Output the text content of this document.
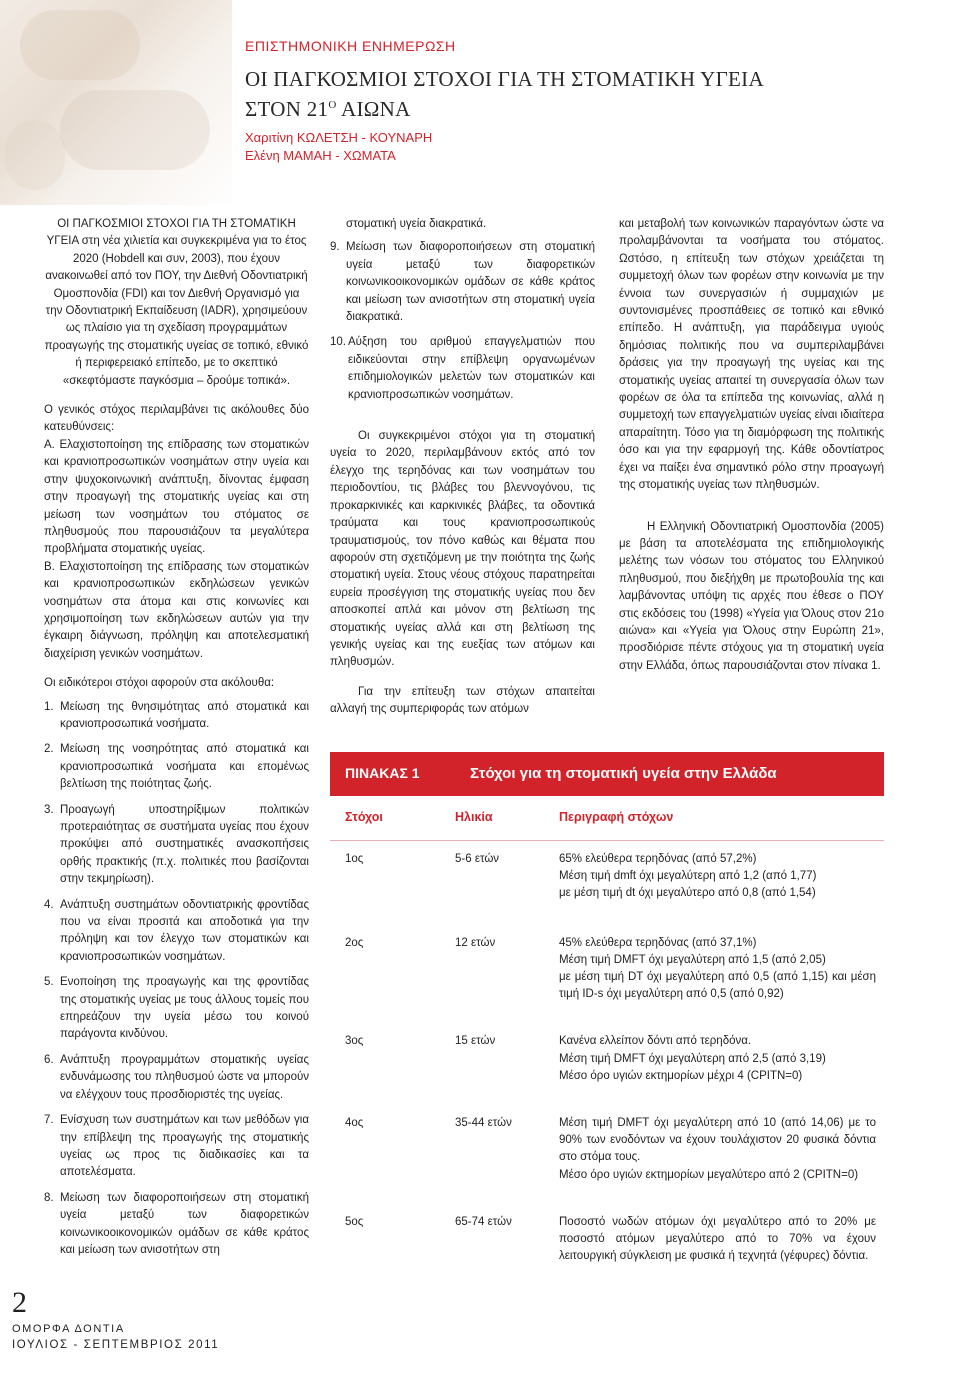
ΕΠΙΣΤΗΜΟΝΙΚΗ ΕΝΗΜΕΡΩΣΗ
ΟΙ ΠΑΓΚΟΣΜΙΟΙ ΣΤΟΧΟΙ ΓΙΑ ΤΗ ΣΤΟΜΑΤΙΚΗ ΥΓΕΙΑ
ΣΤΟΝ $21^O$ ΑΙΩΝΑ
Χαριτίνη ΚΩΛΕΤΣΗ - ΚΟΥΝΑΡΗ
Ελένη ΜΑΜΑΗ - ΧΩΜΑΤΑ

ΟΙ ΠΑΓΚΟΣΜΙΟΙ ΣΤΟΧΟΙ ΓΙΑ ΤΗ ΣΤΟΜΑΤΙΚΗ ΥΓΕΙΑ στη νέα χιλιετία και συγκεκριμένα για το έτος 2020 (Hobdell και συν, 2003), που έχουν ανακοινωθεί από τον ΠΟΥ, την Διεθνή Οδοντιατρική Ομοσπονδία (FDI) και τον Διεθνή Οργανισμό για την Οδοντιατρική Εκπαίδευση (IADR), χρησιμεύουν ως πλαίσιο για τη σχεδίαση προγραμμάτων προαγωγής της στοματικής υγείας σε τοπικό, εθνικό ή περιφερειακό επίπεδο, με το σκεπτικό «σκεφτόμαστε παγκόσμια – δρούμε τοπικά».

Ο γενικός στόχος περιλαμβάνει τις ακόλουθες δύο κατευθύνσεις:

Α. Ελαχιστοποίηση της επίδρασης των στοματικών και κρανιοπροσωπικών νοσημάτων στην υγεία και στην ψυχοκοινωνική ανάπτυξη, δίνοντας έμφαση στην προαγωγή της στοματικής υγείας και στη μείωση των νοσημάτων του στόματος σε πληθυσμούς που παρουσιάζουν τα μεγαλύτερα προβλήματα στοματικής υγείας.

Β. Ελαχιστοποίηση της επίδρασης των στοματικών και κρανιοπροσωπικών εκδηλώσεων γενικών νοσημάτων στα άτομα και στις κοινωνίες και χρησιμοποίηση των εκδηλώσεων αυτών για την έγκαιρη διάγνωση, πρόληψη και αποτελεσματική διαχείριση γενικών νοσημάτων.

Οι ειδικότεροι στόχοι αφορούν στα ακόλουθα:

1. Μείωση της θνησιμότητας από στοματικά και κρανιοπροσωπικά νοσήματα.
2. Μείωση της νοσηρότητας από στοματικά και κρανιοπροσωπικά νοσήματα και επομένως βελτίωση της ποιότητας ζωής.
3. Προαγωγή υποστηρίξιμων πολιτικών προτεραιότητας σε συστήματα υγείας που έχουν προκύψει από συστηματικές ανασκοπήσεις ορθής πρακτικής (π.χ. πολιτικές που βασίζονται στην τεκμηρίωση).
4. Ανάπτυξη συστημάτων οδοντιατρικής φροντίδας που να είναι προσιτά και αποδοτικά για την πρόληψη και τον έλεγχο των στοματικών και κρανιοπροσωπικών νοσημάτων.
5. Ενοποίηση της προαγωγής και της φροντίδας της στοματικής υγείας με τους άλλους τομείς που επηρεάζουν την υγεία μέσω του κοινού παράγοντα κινδύνου.
6. Ανάπτυξη προγραμμάτων στοματικής υγείας ενδυνάμωσης του πληθυσμού ώστε να μπορούν να ελέγχουν τους προσδιοριστές της υγείας.
7. Ενίσχυση των συστημάτων και των μεθόδων για την επίβλεψη της προαγωγής της στοματικής υγείας ως προς τις διαδικασίες και τα αποτελέσματα.
8. Μείωση των διαφοροποιήσεων στη στοματική υγεία μεταξύ των διαφορετικών κοινωνικοοικονομικών ομάδων σε κάθε κράτος και μείωση των ανισοτήτων στη

στοματική υγεία διακρατικά.

9. Μείωση των διαφοροποιήσεων στη στοματική υγεία μεταξύ των διαφορετικών κοινωνικοοικονομικών ομάδων σε κάθε κράτος και μείωση των ανισοτήτων στη στοματική υγεία διακρατικά.
10. Αύξηση του αριθμού επαγγελματιών που ειδικεύονται στην επίβλεψη οργανωμένων επιδημιολογικών μελετών των στοματικών και κρανιοπροσωπικών νοσημάτων.

Οι συγκεκριμένοι στόχοι για τη στοματική υγεία το 2020, περιλαμβάνουν εκτός από τον έλεγχο της τερηδόνας και των νοσημάτων του περιοδοντίου, τις βλάβες του βλεννογόνου, τις προκαρκινικές και καρκινικές βλάβες, τα οδοντικά τραύματα και τους κρανιοπροσωπικούς τραυματισμούς, τον πόνο καθώς και θέματα που αφορούν στη σχετιζόμενη με την ποιότητα της ζωής στοματική υγεία. Στους νέους στόχους παρατηρείται ευρεία προσέγγιση της στοματικής υγείας που δεν αποσκοπεί απλά και μόνον στη βελτίωση της στοματικής υγείας αλλά και στη βελτίωση της γενικής υγείας και της ευεξίας των ατόμων και πληθυσμών.

Για την επίτευξη των στόχων απαιτείται αλλαγή της συμπεριφοράς των ατόμων

και μεταβολή των κοινωνικών παραγόντων ώστε να προλαμβάνονται τα νοσήματα του στόματος. Ωστόσο, η επίτευξη των στόχων χρειάζεται τη συμμετοχή όλων των φορέων στην κοινωνία με την έννοια των συνεργασιών ή συμμαχιών με συντονισμένες προσπάθειες σε τοπικό και εθνικό επίπεδο. Η ανάπτυξη, για παράδειγμα υγιούς δημόσιας πολιτικής που να συμπεριλαμβάνει δράσεις για την προαγωγή της υγείας και της στοματικής υγείας απαιτεί τη συνεργασία όλων των φορέων σε όλα τα επίπεδα της κοινωνίας, αλλά η συμμετοχή των επαγγελματιών υγείας είναι ιδιαίτερα απαραίτητη. Τόσο για τη διαμόρφωση της πολιτικής όσο και για την εφαρμογή της. Κάθε οδοντίατρος έχει να παίξει ένα σημαντικό ρόλο στην προαγωγή της στοματικής υγείας των πληθυσμών.

Η Ελληνική Οδοντιατρική Ομοσπονδία (2005) με βάση τα αποτελέσματα της επιδημιολογικής μελέτης των νόσων του στόματος του Ελληνικού πληθυσμού, που διεξήχθη με πρωτοβουλία της και λαμβάνοντας υπόψη τις αρχές που έθεσε ο ΠΟΥ στις εκδόσεις του (1998) «Υγεία για Όλους στον 21ο αιώνα» και «Υγεία για Όλους στην Ευρώπη 21», προσδιόρισε πέντε στόχους για τη στοματική υγεία στην Ελλάδα, όπως παρουσιάζονται στον πίνακα 1.

ΠΙΝΑΚΑΣ 1	Στόχοι για τη στοματική υγεία στην Ελλάδα
Στόχοι	Ηλικία	Περιγραφή στόχων
1ος	5-6 ετών	65% ελεύθερα τερηδόνας (από 57,2%)
Μέση τιμή dmft όχι μεγαλύτερη από 1,2 (από 1,77)
με μέση τιμή dt όχι μεγαλύτερο από 0,8 (από 1,54)
2ος	12 ετών	45% ελεύθερα τερηδόνας (από 37,1%)
Μέση τιμή DMFT όχι μεγαλύτερη από 1,5 (από 2,05)
με μέση τιμή DT όχι μεγαλύτερη από 0,5 (από 1,15) και μέση τιμή ID-s όχι μεγαλύτερη από 0,5 (από 0,92)
3ος	15 ετών	Κανένα ελλείπον δόντι από τερηδόνα.
Μέση τιμή DMFT όχι μεγαλύτερη από 2,5 (από 3,19)
Μέσο όρο υγιών εκτημορίων μέχρι 4 (CPITN=0)
4ος	35-44 ετών	Μέση τιμή DMFT όχι μεγαλύτερη από 10 (από 14,06) με το 90% των ενοδόντων να έχουν τουλάχιστον 20 φυσικά δόντια στο στόμα τους.
Μέσο όρο υγιών εκτημορίων μεγαλύτερο από 2 (CPITN=0)
5ος	65-74 ετών	Ποσοστό νωδών ατόμων όχι μεγαλύτερο από το 20% με ποσοστό ατόμων μεγαλύτερο από το 70% να έχουν λειτουργική σύγκλειση με φυσικά ή τεχνητά (γέφυρες) δόντια.
2
ΟΜΟΡΦΑ ΔΟΝΤΙΑ
ΙΟΥΛΙΟΣ - ΣΕΠΤΕΜΒΡΙΟΣ 2011
